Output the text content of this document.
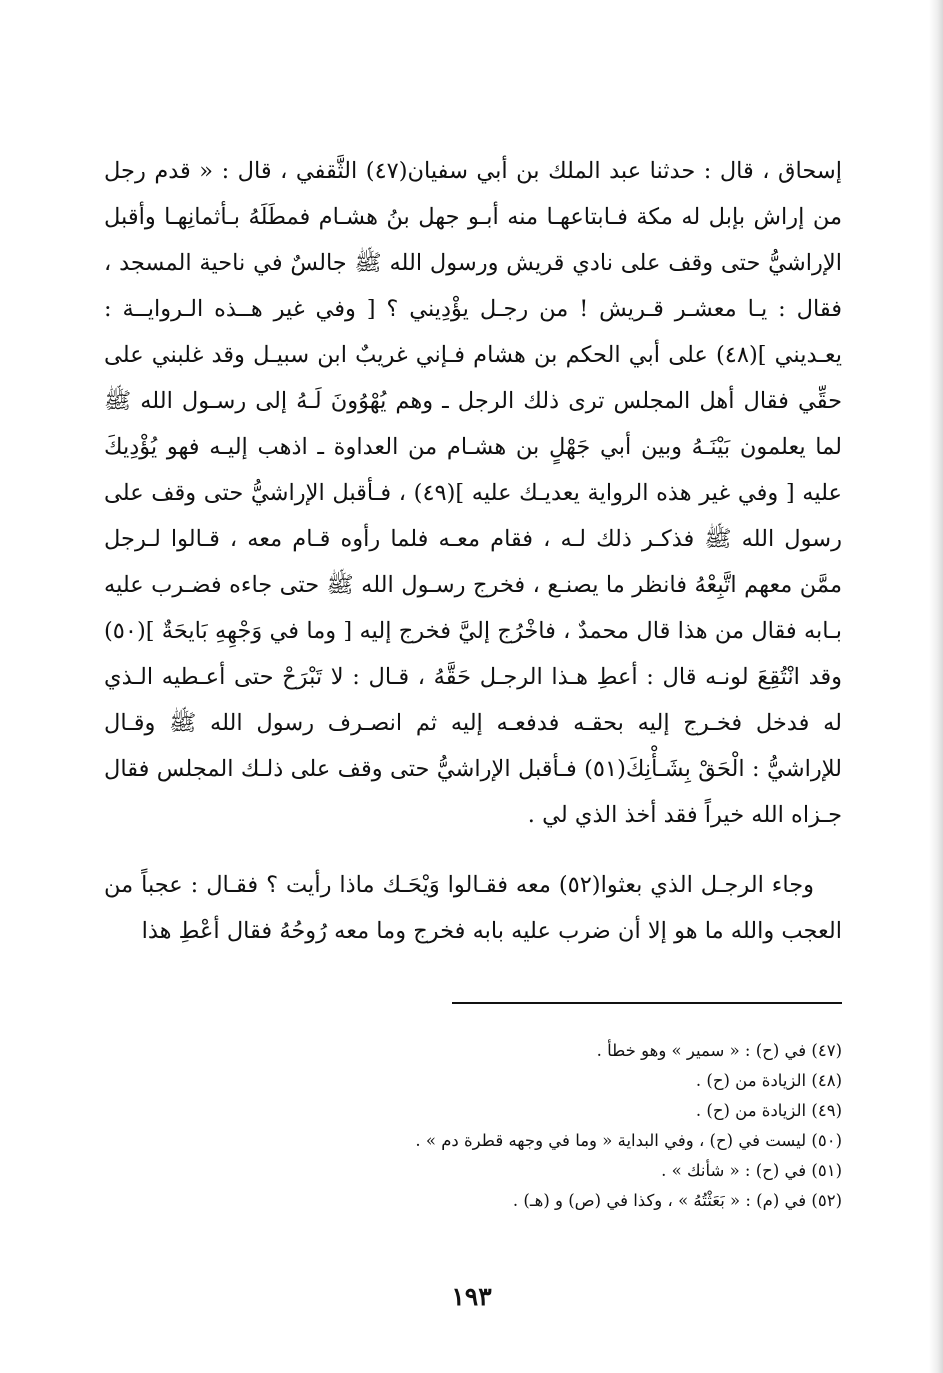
إسحاق ، قال : حدثنا عبد الملك بن أبي سفيان(٤٧) الثَّقفي ، قال : « قدم رجل من إراش بإبل له مكة فـابتاعهـا منه أبـو جهل بنُ هشـام فمطَلَهُ بـأثمانِهـا وأقبل الإراشيُّ حتى وقف على نادي قريش ورسول الله ﷺ جالسٌ في ناحية المسجد ، فقال : يـا معشـر قـريش ! من رجـل يؤْدِيني ؟ [ وفي غير هــذه الـروايــة : يعـديني ](٤٨) على أبي الحكم بن هشام فـإني غريبٌ ابن سبيـل وقد غلبني على حقِّي فقال أهل المجلس ترى ذلك الرجل ـ وهم يُهْوُونَ لَـهُ إلى رسـول الله ﷺ لما يعلمون بَيْنَـهُ وبين أبي جَهْلٍ بن هشـام من العداوة ـ اذهب إليـه فهو يُؤْدِيكَ عليه [ وفي غير هذه الرواية يعديـك عليه ](٤٩) ، فـأقبل الإراشيُّ حتى وقف على رسول الله ﷺ فذكـر ذلك لـه ، فقام معـه فلما رأوه قـام معه ، قـالوا لـرجل ممَّن معهم اتَّبِعْهُ فانظر ما يصنـع ، فخرج رسـول الله ﷺ حتى جاءه فضـرب عليه بـابه فقال من هذا قال محمدٌ ، فاخْرُج إليَّ فخرج إليه [ وما في وَجْهِهِ بَايحَةٌ ](٥٠) وقد انْتُقِعَ لونـه قال : أعطِ هـذا الرجـل حَقَّهُ ، قـال : لا تَبْرَحْ حتى أعـطيه الـذي له فدخل فخـرج إليه بحقـه فدفعـه إليه ثم انصـرف رسول الله ﷺ وقـال للإراشيُّ : الْحَقْ بِشَـأْنِكَ(٥١) فـأقبل الإراشيُّ حتى وقف على ذلـك المجلس فقال جـزاه الله خيراً فقد أخذ الذي لي .

وجاء الرجـل الذي بعثوا(٥٢) معه فقـالوا وَيْحَـك ماذا رأيت ؟ فقـال : عجباً من العجب والله ما هو إلا أن ضرب عليه بابه فخرج وما معه رُوحُهُ فقال أعْطِ هذا

(٤٧) في (ح) : « سمير » وهو خطأ .
(٤٨) الزيادة من (ح) .
(٤٩) الزيادة من (ح) .
(٥٠) ليست في (ح) ، وفي البداية « وما في وجهه قطرة دم » .
(٥١) في (ح) : « شأنك » .
(٥٢) في (م) : « بَعَثْتُهُ » ، وكذا في (ص) و (هـ) .
١٩٣
